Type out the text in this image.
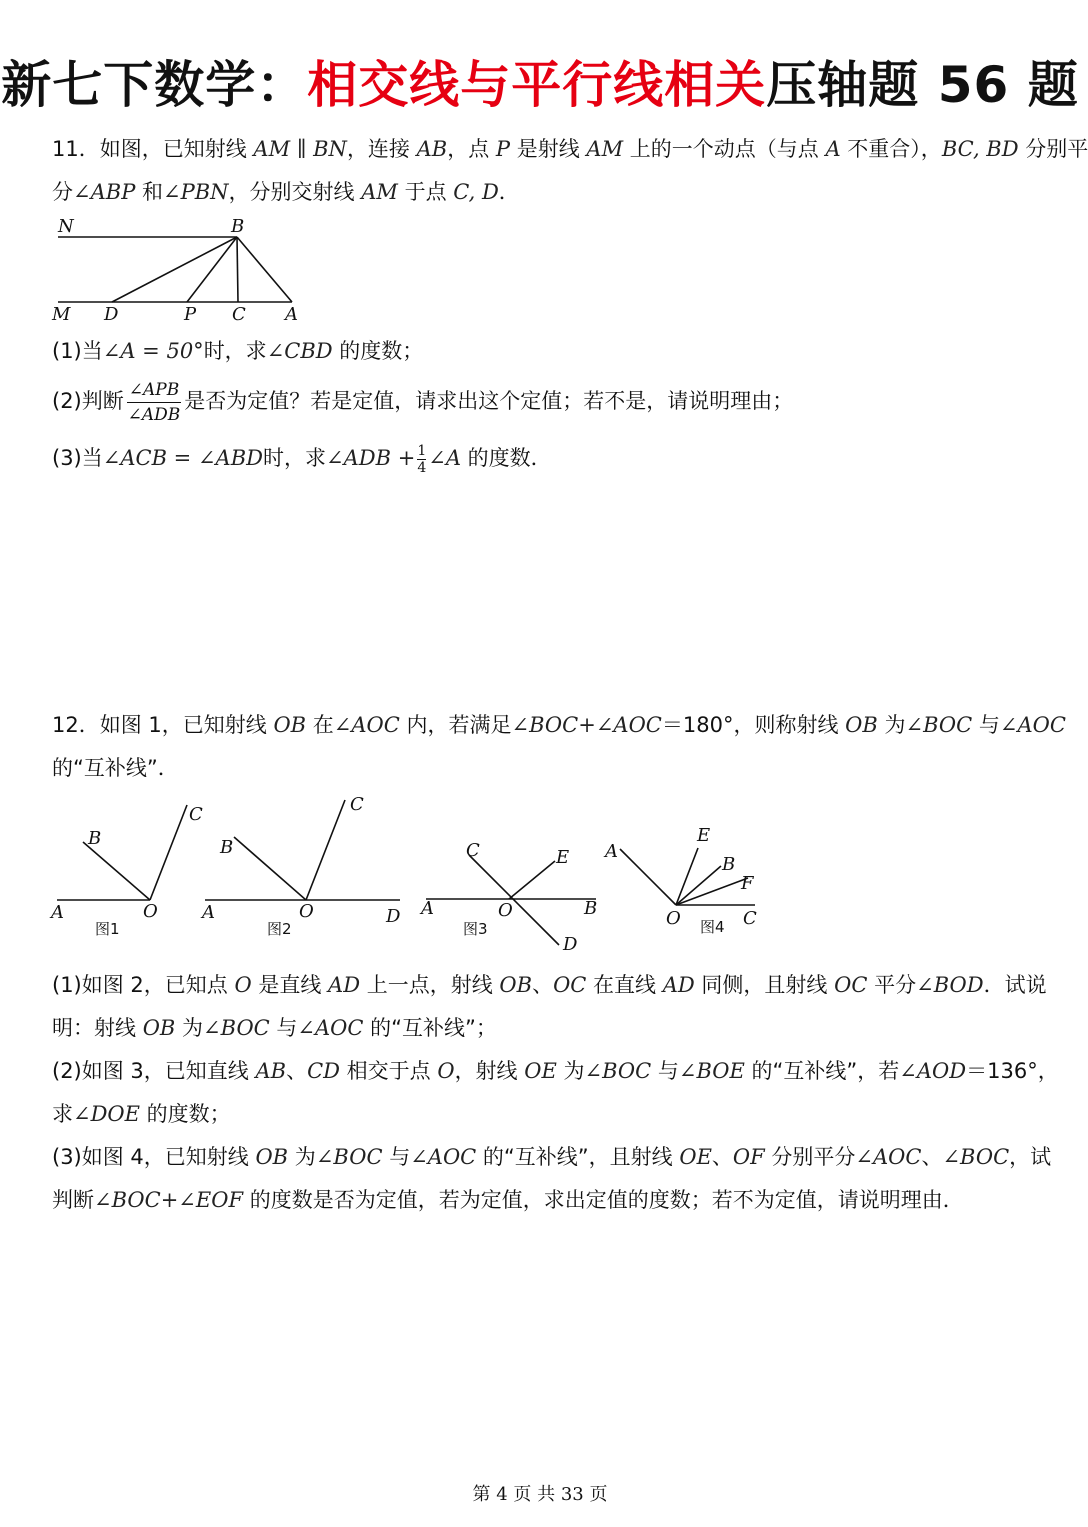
新七下数学：相交线与平行线相关压轴题 56 题
11．如图，已知射线 AM ∥ BN，连接 AB，点 P 是射线 AM 上的一个动点（与点 A 不重合），BC, BD 分别平
分∠ABP 和∠PBN，分别交射线 AM 于点 C, D．
N	B
M D	P C A
(1)当∠A = 50°时，求∠CBD 的度数；
(2)判断 $\frac{\text{∠APB}}{\text{∠ADB}}$ 是否为定值？若是定值，请求出这个定值；若不是，请说明理由；
(3)当∠ACB = ∠ABD时，求∠ADB + $\frac{1}{4}$ ∠A 的度数．
12．如图 1，已知射线 OB 在∠AOC 内，若满足∠BOC+∠AOC＝180°，则称射线 OB 为∠BOC 与∠AOC
的“互补线”．
A
B
C
O
图1
A
B
C
O	D
图2
A	B
C
O
D
E
图3
A
E
B
F
O	C
图4
(1)如图 2，已知点 O 是直线 AD 上一点，射线 OB、OC 在直线 AD 同侧，且射线 OC 平分∠BOD．试说
明：射线 OB 为∠BOC 与∠AOC 的“互补线”；
(2)如图 3，已知直线 AB、CD 相交于点 O，射线 OE 为∠BOC 与∠BOE 的“互补线”，若∠AOD＝136°，
求∠DOE 的度数；
(3)如图 4，已知射线 OB 为∠BOC 与∠AOC 的“互补线”，且射线 OE、OF 分别平分∠AOC、∠BOC，试
判断∠BOC+∠EOF 的度数是否为定值，若为定值，求出定值的度数；若不为定值，请说明理由．
第 4 页 共 33 页
